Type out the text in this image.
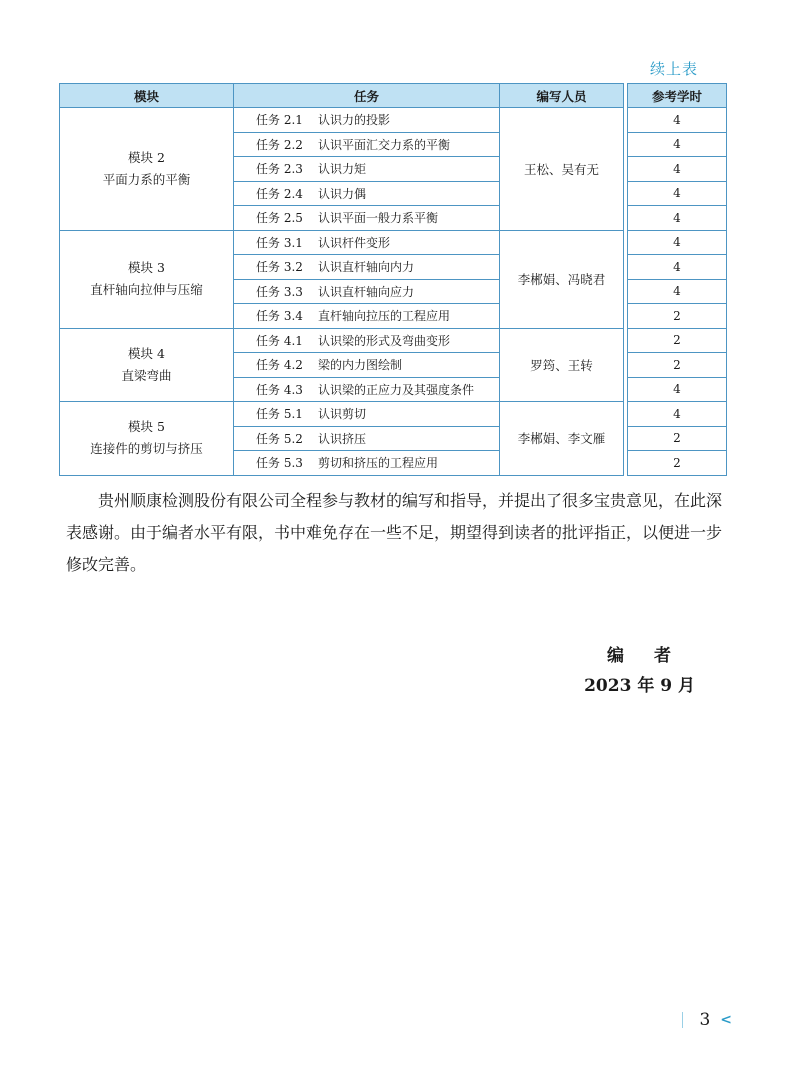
续上表
模块	任务	编写人员		参考学时

模块 2
平面力系的平衡	任务 2.1 认识力的投影	王松、吴有无		4
	任务 2.2 认识平面汇交力系的平衡			4
	任务 2.3 认识力矩			4
	任务 2.4 认识力偶			4
	任务 2.5 认识平面一般力系平衡			4

模块 3
直杆轴向拉伸与压缩	任务 3.1 认识杆件变形	李郴娟、冯晓君		4
	任务 3.2 认识直杆轴向内力			4
	任务 3.3 认识直杆轴向应力			4
	任务 3.4 直杆轴向拉压的工程应用			2

模块 4
直梁弯曲	任务 4.1 认识梁的形式及弯曲变形	罗筠、王转		2
	任务 4.2 梁的内力图绘制			2
	任务 4.3 认识梁的正应力及其强度条件			4

模块 5
连接件的剪切与挤压	任务 5.1 认识剪切	李郴娟、李文雁		4
	任务 5.2 认识挤压			2
	任务 5.3 剪切和挤压的工程应用			2

贵州顺康检测股份有限公司全程参与教材的编写和指导，并提出了很多宝贵意见，在此深表感谢。由于编者水平有限，书中难免存在一些不足，期望得到读者的批评指正，以便进一步修改完善。

编 者
2023 年 9 月
3 <
